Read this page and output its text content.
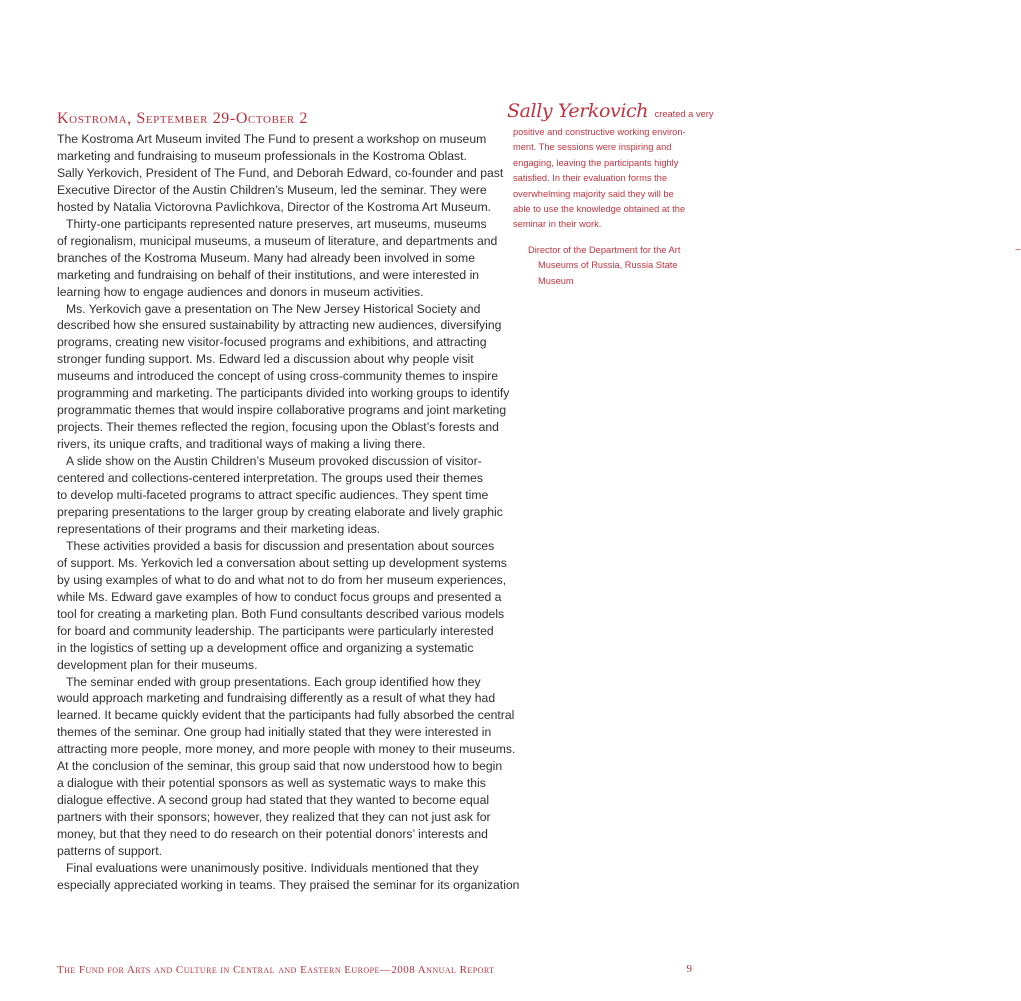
Kostroma, September 29-October 2
The Kostroma Art Museum invited The Fund to present a workshop on museum
marketing and fundraising to museum professionals in the Kostroma Oblast.
Sally Yerkovich, President of The Fund, and Deborah Edward, co-founder and past
Executive Director of the Austin Children’s Museum, led the seminar. They were
hosted by Natalia Victorovna Pavlichkova, Director of the Kostroma Art Museum.
Thirty-one participants represented nature preserves, art museums, museums
of regionalism, municipal museums, a museum of literature, and departments and
branches of the Kostroma Museum. Many had already been involved in some
marketing and fundraising on behalf of their institutions, and were interested in
learning how to engage audiences and donors in museum activities.
Ms. Yerkovich gave a presentation on The New Jersey Historical Society and
described how she ensured sustainability by attracting new audiences, diversifying
programs, creating new visitor-focused programs and exhibitions, and attracting
stronger funding support. Ms. Edward led a discussion about why people visit
museums and introduced the concept of using cross-community themes to inspire
programming and marketing. The participants divided into working groups to identify
programmatic themes that would inspire collaborative programs and joint marketing
projects. Their themes reflected the region, focusing upon the Oblast’s forests and
rivers, its unique crafts, and traditional ways of making a living there.
A slide show on the Austin Children’s Museum provoked discussion of visitor-
centered and collections-centered interpretation. The groups used their themes
to develop multi-faceted programs to attract specific audiences. They spent time
preparing presentations to the larger group by creating elaborate and lively graphic
representations of their programs and their marketing ideas.
These activities provided a basis for discussion and presentation about sources
of support. Ms. Yerkovich led a conversation about setting up development systems
by using examples of what to do and what not to do from her museum experiences,
while Ms. Edward gave examples of how to conduct focus groups and presented a
tool for creating a marketing plan. Both Fund consultants described various models
for board and community leadership. The participants were particularly interested
in the logistics of setting up a development office and organizing a systematic
development plan for their museums.
The seminar ended with group presentations. Each group identified how they
would approach marketing and fundraising differently as a result of what they had
learned. It became quickly evident that the participants had fully absorbed the central
themes of the seminar. One group had initially stated that they were interested in
attracting more people, more money, and more people with money to their museums.
At the conclusion of the seminar, this group said that now understood how to begin
a dialogue with their potential sponsors as well as systematic ways to make this
dialogue effective. A second group had stated that they wanted to become equal
partners with their sponsors; however, they realized that they can not just ask for
money, but that they need to do research on their potential donors’ interests and
patterns of support.
Final evaluations were unanimously positive. Individuals mentioned that they
especially appreciated working in teams. They praised the seminar for its organization
Sally Yerkovich created a very
positive and constructive working environ-
ment. The sessions were inspiring and
engaging, leaving the participants highly
satisfied. In their evaluation forms the
overwhelming majority said they will be
able to use the knowledge obtained at the
seminar in their work.
~
Director of the Department for the Art
Museums of Russia, Russia State
Museum
The Fund for Arts and Culture in Central and Eastern Europe—2008 Annual Report	9
